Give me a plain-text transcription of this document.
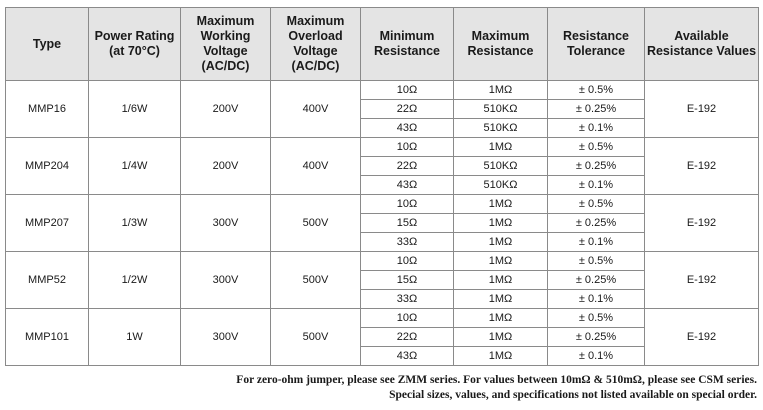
Type	Power Rating (at 70°C)	Maximum Working Voltage (AC/DC)	Maximum Overload Voltage (AC/DC)	Minimum Resistance	Maximum Resistance	Resistance Tolerance	Available Resistance Values
MMP16	1/6W	200V	400V	10Ω	1MΩ	± 0.5%	E-192
				22Ω	510KΩ	± 0.25%	
				43Ω	510KΩ	± 0.1%	
MMP204	1/4W	200V	400V	10Ω	1MΩ	± 0.5%	E-192
				22Ω	510KΩ	± 0.25%	
				43Ω	510KΩ	± 0.1%	
MMP207	1/3W	300V	500V	10Ω	1MΩ	± 0.5%	E-192
				15Ω	1MΩ	± 0.25%	
				33Ω	1MΩ	± 0.1%	
MMP52	1/2W	300V	500V	10Ω	1MΩ	± 0.5%	E-192
				15Ω	1MΩ	± 0.25%	
				33Ω	1MΩ	± 0.1%	
MMP101	1W	300V	500V	10Ω	1MΩ	± 0.5%	E-192
				22Ω	1MΩ	± 0.25%	
				43Ω	1MΩ	± 0.1%	
For zero-ohm jumper, please see ZMM series. For values between 10mΩ & 510mΩ, please see CSM series.
Special sizes, values, and specifications not listed available on special order.
